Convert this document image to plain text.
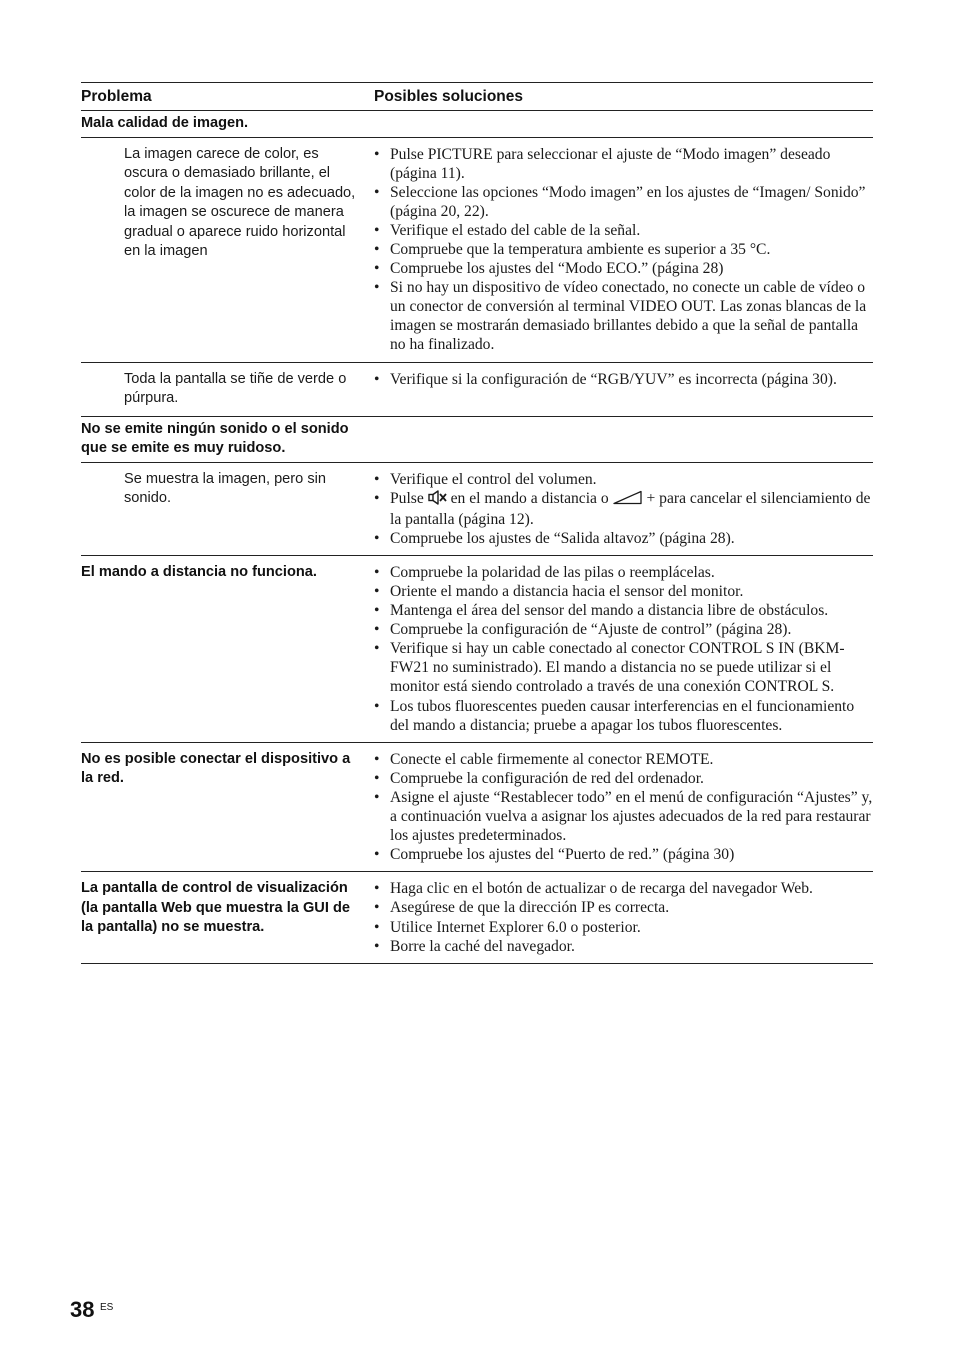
Problema	Posibles soluciones
Mala calidad de imagen.
La imagen carece de color, es oscura o demasiado brillante, el color de la imagen no es adecuado, la imagen se oscurece de manera gradual o aparece ruido horizontal en la imagen
• Pulse PICTURE para seleccionar el ajuste de “Modo imagen” deseado (página 11).
• Seleccione las opciones “Modo imagen” en los ajustes de “Imagen/ Sonido” (página 20, 22).
• Verifique el estado del cable de la señal.
• Compruebe que la temperatura ambiente es superior a 35 °C.
• Compruebe los ajustes del “Modo ECO.” (página 28)
• Si no hay un dispositivo de vídeo conectado, no conecte un cable de vídeo o un conector de conversión al terminal VIDEO OUT. Las zonas blancas de la imagen se mostrarán demasiado brillantes debido a que la señal de pantalla no ha finalizado.
Toda la pantalla se tiñe de verde o púrpura.
• Verifique si la configuración de “RGB/YUV” es incorrecta (página 30).
No se emite ningún sonido o el sonido que se emite es muy ruidoso.
Se muestra la imagen, pero sin sonido.
• Verifique el control del volumen.
• Pulse en el mando a distancia o + para cancelar el silenciamiento de la pantalla (página 12).
• Compruebe los ajustes de “Salida altavoz” (página 28).
El mando a distancia no funciona.
•	Compruebe la polaridad de las pilas o reemplácelas.
• Oriente el mando a distancia hacia el sensor del monitor.
• Mantenga el área del sensor del mando a distancia libre de obstáculos.
• Compruebe la configuración de “Ajuste de control” (página 28).
• Verifique si hay un cable conectado al conector CONTROL S IN (BKM-FW21 no suministrado). El mando a distancia no se puede utilizar si el monitor está siendo controlado a través de una conexión CONTROL S.
• Los tubos fluorescentes pueden causar interferencias en el funcionamiento del mando a distancia; pruebe a apagar los tubos fluorescentes.
No es posible conectar el dispositivo a la red.
• Conecte el cable firmemente al conector REMOTE.
• Compruebe la configuración de red del ordenador.
• Asigne el ajuste “Restablecer todo” en el menú de configuración “Ajustes” y, a continuación vuelva a asignar los ajustes adecuados de la red para restaurar los ajustes predeterminados.
• Compruebe los ajustes del “Puerto de red.” (página 30)
La pantalla de control de visualización (la pantalla Web que muestra la GUI de la pantalla) no se muestra.
• Haga clic en el botón de actualizar o de recarga del navegador Web.
• Asegúrese de que la dirección IP es correcta.
• Utilice Internet Explorer 6.0 o posterior.
• Borre la caché del navegador.
38 ES
